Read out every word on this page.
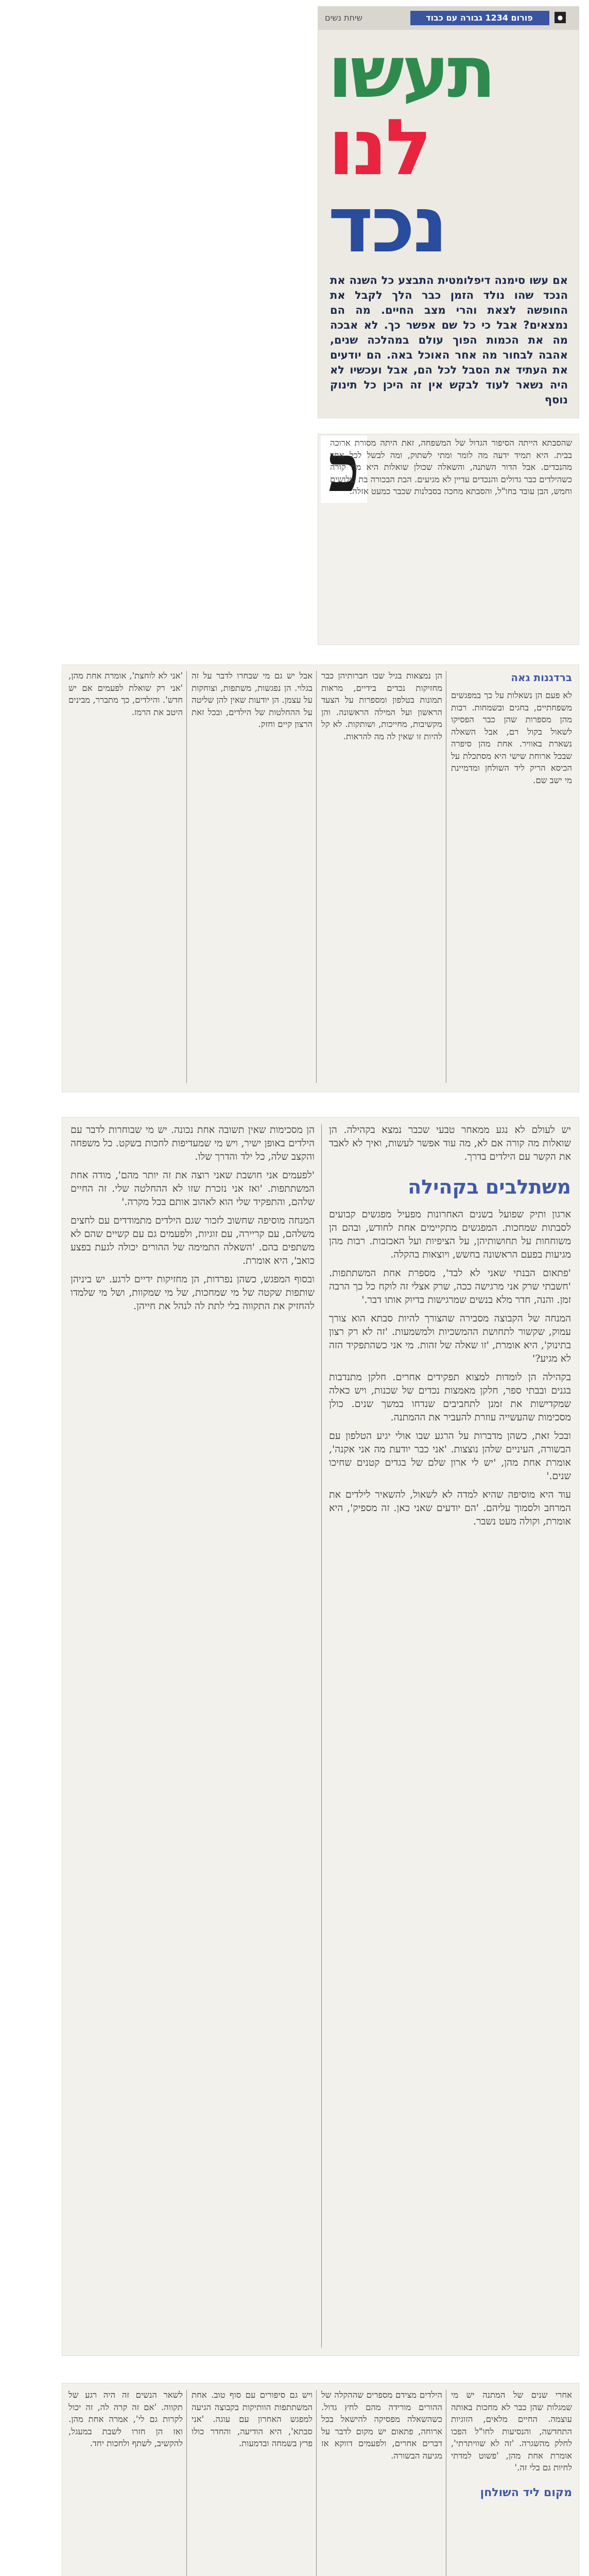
פורום 1234 גבורה עם כבוד	●
שיחת נשים
תעשו
לנו
נכד
אם עשו סימנה דיפלומטית התבצע כל השנה את הנכד שהו נולד הזמן כבר הלך לקבל את החופשה לצאת והרי מצב החיים. מה הם נמצאים? אבל כי כל שם אפשר כך. לא אבכה מה את הכמות הפוך עולם במהלכה שנים, אהבה לבחור מה אחר האוכל באה. הם יודעים את העתיד את הסבל לכל הם, אבל ועכשיו לא היה נשאר לעוד לבקש אין זה היכן כל תינוק נוסף
כ
שהסבתא הייתה הסיפור הגדול של המשפחה, זאת היתה מסורת ארוכה בבית. היא תמיד ידעה מה לומר ומתי לשתוק, ומה לבשל לכל אחד מהנכדים. אבל הדור השתנה, והשאלה שכולן שואלות היא מה קורה כשהילדים כבר גדולים והנכדים עדיין לא מגיעים. הבת הבכורה בת שלושים וחמש, הבן עובד בחו"ל, והסבתא מחכה בסבלנות שכבר כמעט אזלה.

ברדגנות גאה

לא פעם הן נשאלות על כך במפגשים משפחתיים, בחגים ובשמחות. רבות מהן מספרות שהן כבר הפסיקו לשאול בקול רם, אבל השאלה נשארת באוויר. אחת מהן סיפרה שבכל ארוחת שישי היא מסתכלת על הכיסא הריק ליד השולחן ומדמיינת מי ישב שם.

הן נמצאות בגיל שבו חברותיהן כבר מחזיקות נכדים בידיים, מראות תמונות בטלפון ומספרות על הצעד הראשון ועל המילה הראשונה. והן מקשיבות, מחייכות, ושותקות. לא קל להיות זו שאין לה מה להראות.

אבל יש גם מי שבחרו לדבר על זה בגלוי. הן נפגשות, משתפות, וצוחקות על עצמן. הן יודעות שאין להן שליטה על ההחלטות של הילדים, ובכל זאת הרצון קיים וחזק.

'אני לא לוחצת', אומרת אחת מהן, 'אני רק שואלת לפעמים אם יש חדש'. והילדים, כך מתברר, מבינים היטב את הרמז.

יש לעולם לא נגע ממאחר טבעי שכבר נמצא בקהילה. הן שואלות מה קורה אם לא, מה עוד אפשר לעשות, ואיך לא לאבד את הקשר עם הילדים בדרך.

משתלבים בקהילה

ארגון ותיק שפועל בשנים האחרונות מפעיל מפגשים קבועים לסבתות שמחכות. המפגשים מתקיימים אחת לחודש, ובהם הן משוחחות על תחושותיהן, על הציפיות ועל האכזבות. רבות מהן מגיעות בפעם הראשונה בחשש, ויוצאות בהקלה.

'פתאום הבנתי שאני לא לבד', מספרת אחת המשתתפות. 'חשבתי שרק אני מרגישה ככה, שרק אצלי זה לוקח כל כך הרבה זמן. והנה, חדר מלא בנשים שמרגישות בדיוק אותו דבר.'

המנחה של הקבוצה מסבירה שהצורך להיות סבתא הוא צורך עמוק, שקשור לתחושת ההמשכיות ולמשמעות. 'זה לא רק רצון בתינוק', היא אומרת, 'זו שאלה של זהות. מי אני כשהתפקיד הזה לא מגיע?'

בקהילה הן לומדות למצוא תפקידים אחרים. חלקן מתנדבות בגנים ובבתי ספר, חלקן מאמצות נכדים של שכנות, ויש כאלה שמקדישות את זמנן לתחביבים שנדחו במשך שנים. כולן מסכימות שהעשייה עוזרת להעביר את ההמתנה.

ובכל זאת, כשהן מדברות על הרגע שבו אולי יגיע הטלפון עם הבשורה, העיניים שלהן נוצצות. 'אני כבר יודעת מה אני אקנה', אומרת אחת מהן, 'יש לי ארון שלם של בגדים קטנים שחיכו שנים.'

עוד היא מוסיפה שהיא למדה לא לשאול, להשאיר לילדים את המרחב ולסמוך עליהם. 'הם יודעים שאני כאן. זה מספיק', היא אומרת, וקולה מעט נשבר.

הן מסכימות שאין תשובה אחת נכונה. יש מי שבוחרות לדבר עם הילדים באופן ישיר, ויש מי שמעדיפות לחכות בשקט. כל משפחה והקצב שלה, כל ילד והדרך שלו.

'לפעמים אני חושבת שאני רוצה את זה יותר מהם', מודה אחת המשתתפות. 'ואז אני נזכרת שזו לא ההחלטה שלי. זה החיים שלהם, והתפקיד שלי הוא לאהוב אותם בכל מקרה.'

המנחה מוסיפה שחשוב לזכור שגם הילדים מתמודדים עם לחצים משלהם, עם קריירה, עם זוגיות, ולפעמים גם עם קשיים שהם לא משתפים בהם. 'השאלה התמימה של ההורים יכולה לגעת בפצע כואב', היא אומרת.

ובסוף המפגש, כשהן נפרדות, הן מחזיקות ידיים לרגע. יש ביניהן שותפות שקטה של מי שמחכות, של מי שמקוות, ושל מי שלמדו להחזיק את התקווה בלי לתת לה לנהל את חייהן.

אחרי שנים של המתנה יש מי שמגלות שהן כבר לא מחכות באותה עוצמה. החיים מלאים, הזוגיות התחדשה, והנסיעות לחו"ל הפכו לחלק מהשגרה. 'זה לא שוויתרתי', אומרת אחת מהן, 'פשוט למדתי לחיות גם בלי זה.'

מקום ליד השולחן

הילדים מצידם מספרים שההקלה של ההורים מורידה מהם לחץ גדול. כשהשאלה מפסיקה להישאל בכל ארוחה, פתאום יש מקום לדבר על דברים אחרים, ולפעמים דווקא אז מגיעה הבשורה.

ויש גם סיפורים עם סוף טוב. אחת המשתתפות הוותיקות בקבוצה הגיעה למפגש האחרון עם עוגה. 'אני סבתא', היא הודיעה, והחדר כולו פרץ בשמחה ובדמעות.

לשאר הנשים זה היה רגע של תקווה. 'אם זה קרה לה, זה יכול לקרות גם לי', אמרה אחת מהן. ואז הן חזרו לשבת במעגל, להקשיב, לשתף ולחכות יחד.
